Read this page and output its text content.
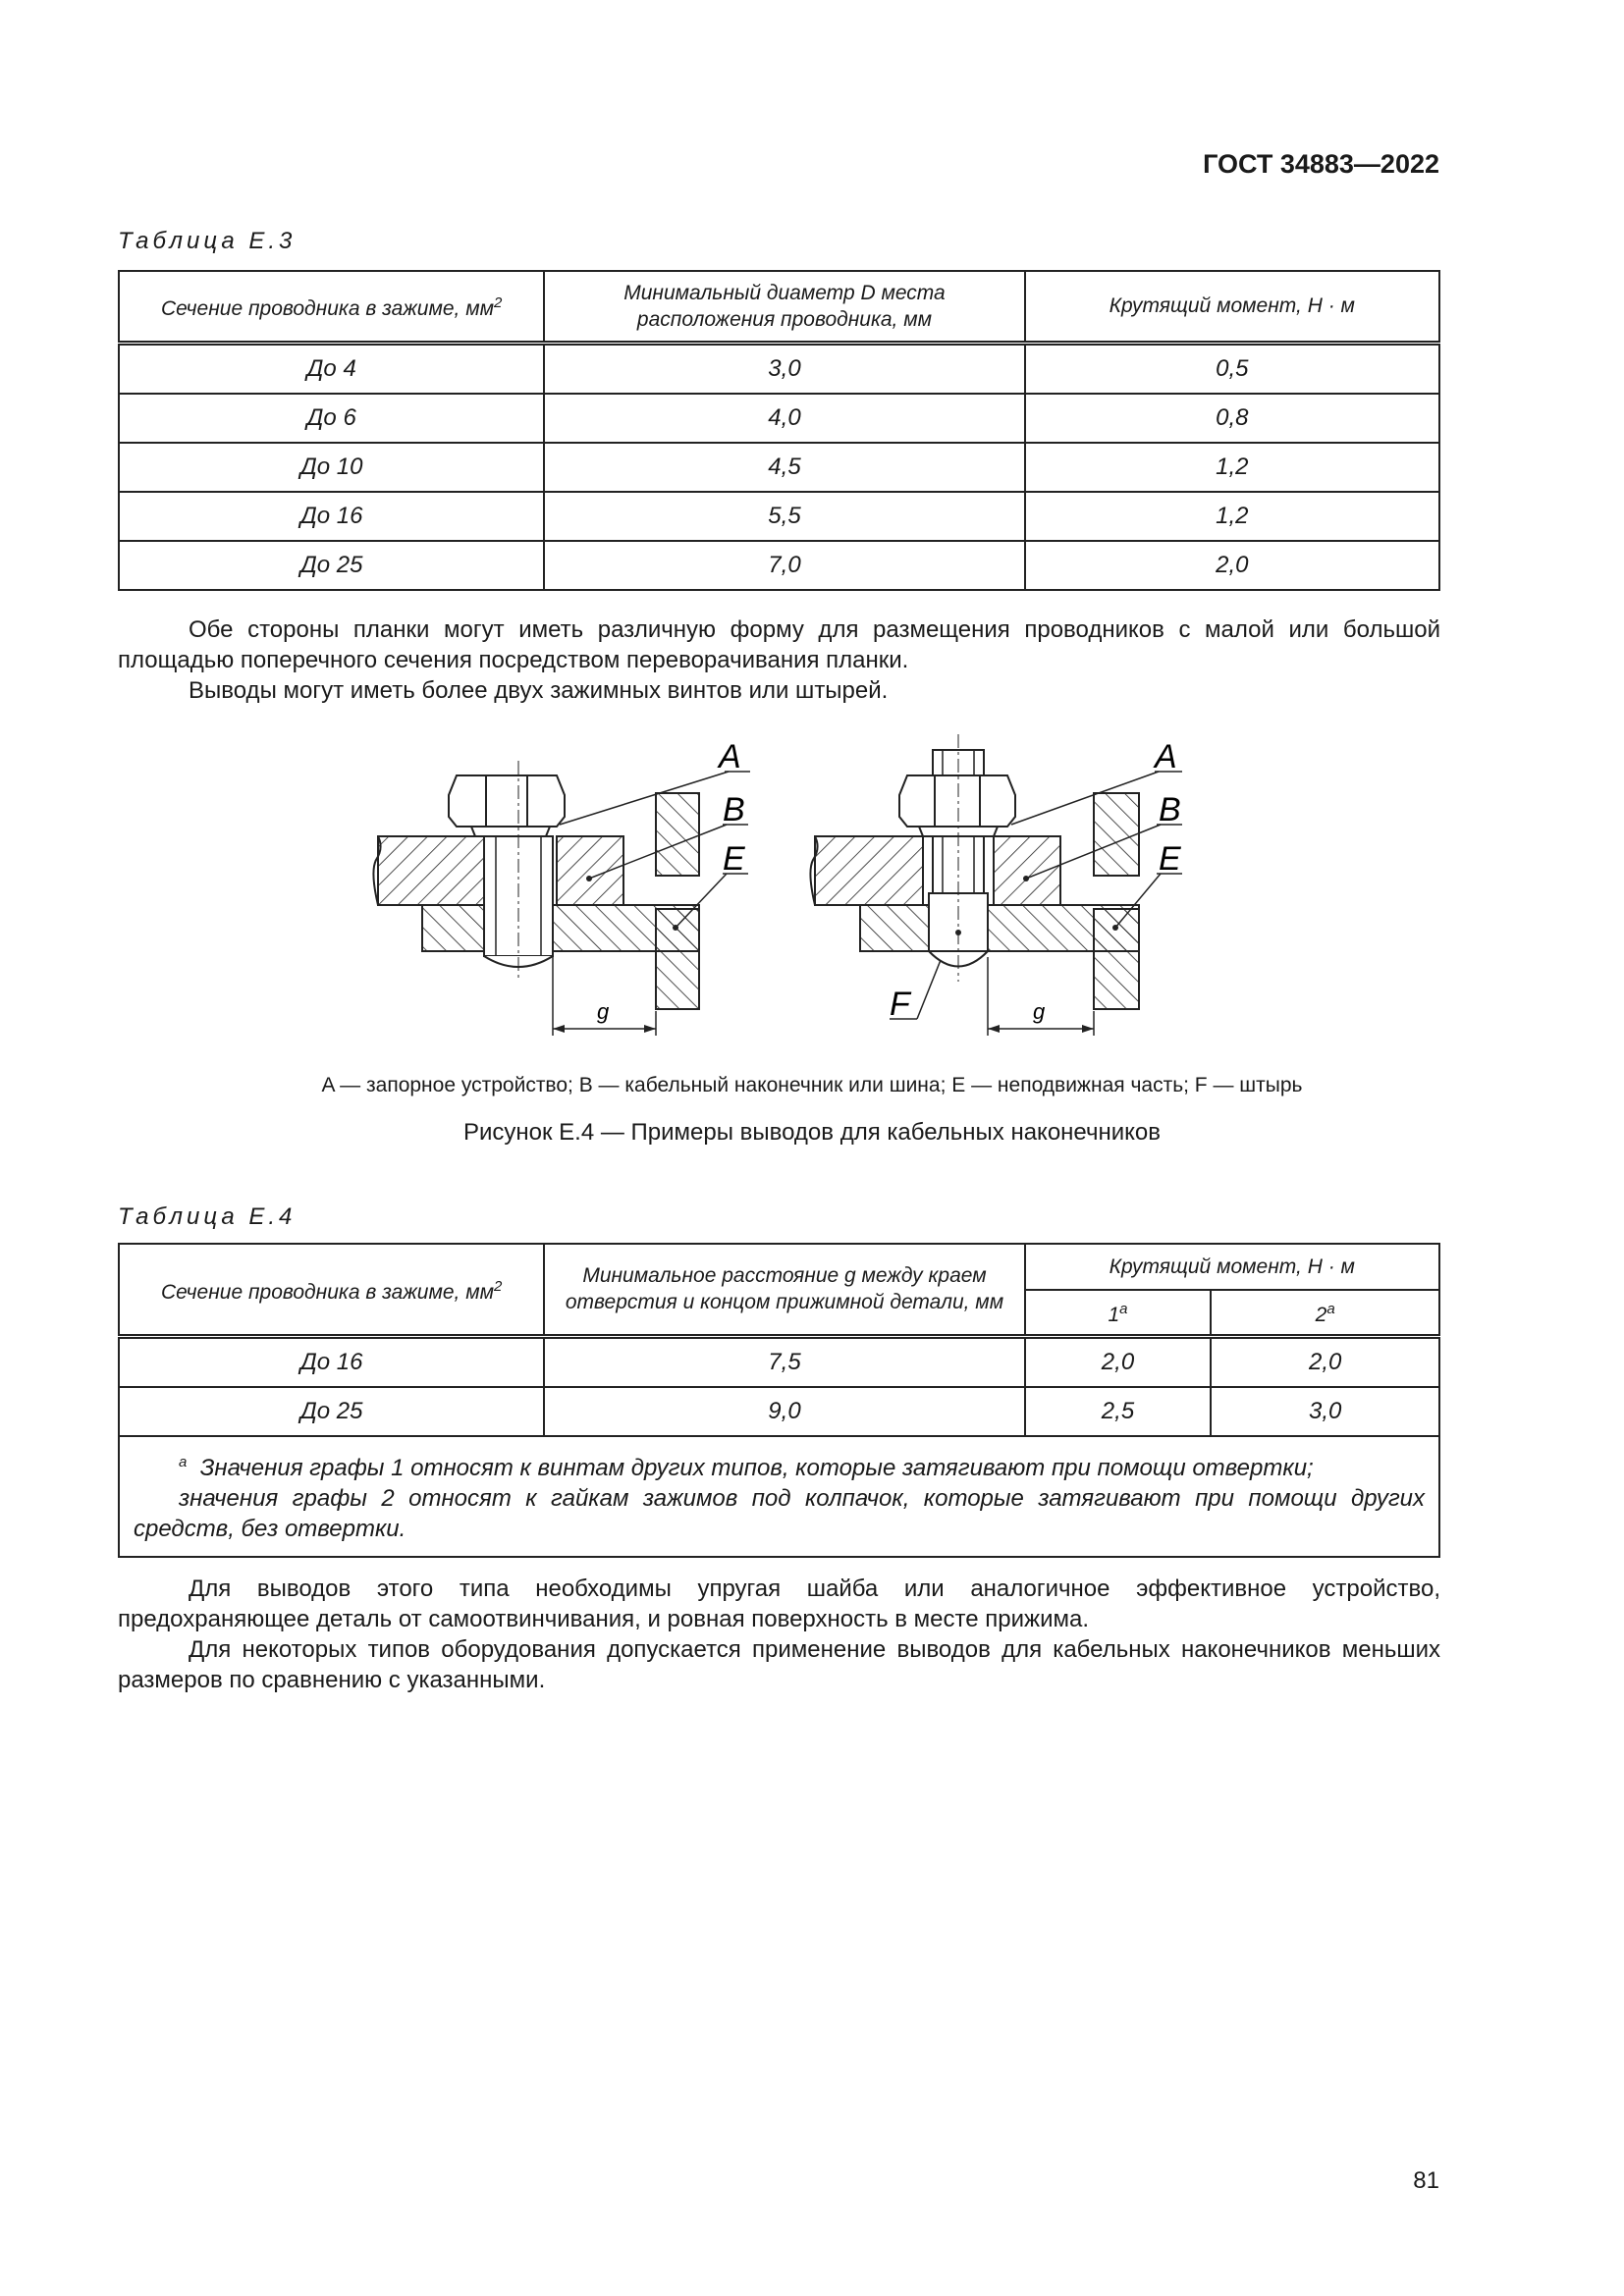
ГОСТ 34883—2022
Таблица Е.3
Сечение проводника в зажиме, $мм^2$	Минимальный диаметр D места расположения проводника, мм	Крутящий момент, Н · м
До 4	3,0	0,5
До 6	4,0	0,8
До 10	4,5	1,2
До 16	5,5	1,2
До 25	7,0	2,0

Обе стороны планки могут иметь различную форму для размещения проводников с малой или большой площадью поперечного сечения посредством переворачивания планки.

Выводы могут иметь более двух зажимных винтов или штырей.

g
A
B
E
g
F
A
B
E
A — запорное устройство; B — кабельный наконечник или шина; E — неподвижная часть; F — штырь
Рисунок Е.4 — Примеры выводов для кабельных наконечников
Таблица Е.4
Сечение проводника в зажиме, $мм^2$	Минимальное расстояние g между краем отверстия и концом прижимной детали, мм	Крутящий момент, Н · м	
		1$^a$	2$^a$
До 16	7,5	2,0	2,0
До 25	9,0	2,5	3,0

$^a$ Значения графы 1 относят к винтам других типов, которые затягивают при помощи отвертки;

значения графы 2 относят к гайкам зажимов под колпачок, которые затягивают при помощи других средств, без отвертки.			

Для выводов этого типа необходимы упругая шайба или аналогичное эффективное устройство, предохраняющее деталь от самоотвинчивания, и ровная поверхность в месте прижима.

Для некоторых типов оборудования допускается применение выводов для кабельных наконечников меньших размеров по сравнению с указанными.

81
